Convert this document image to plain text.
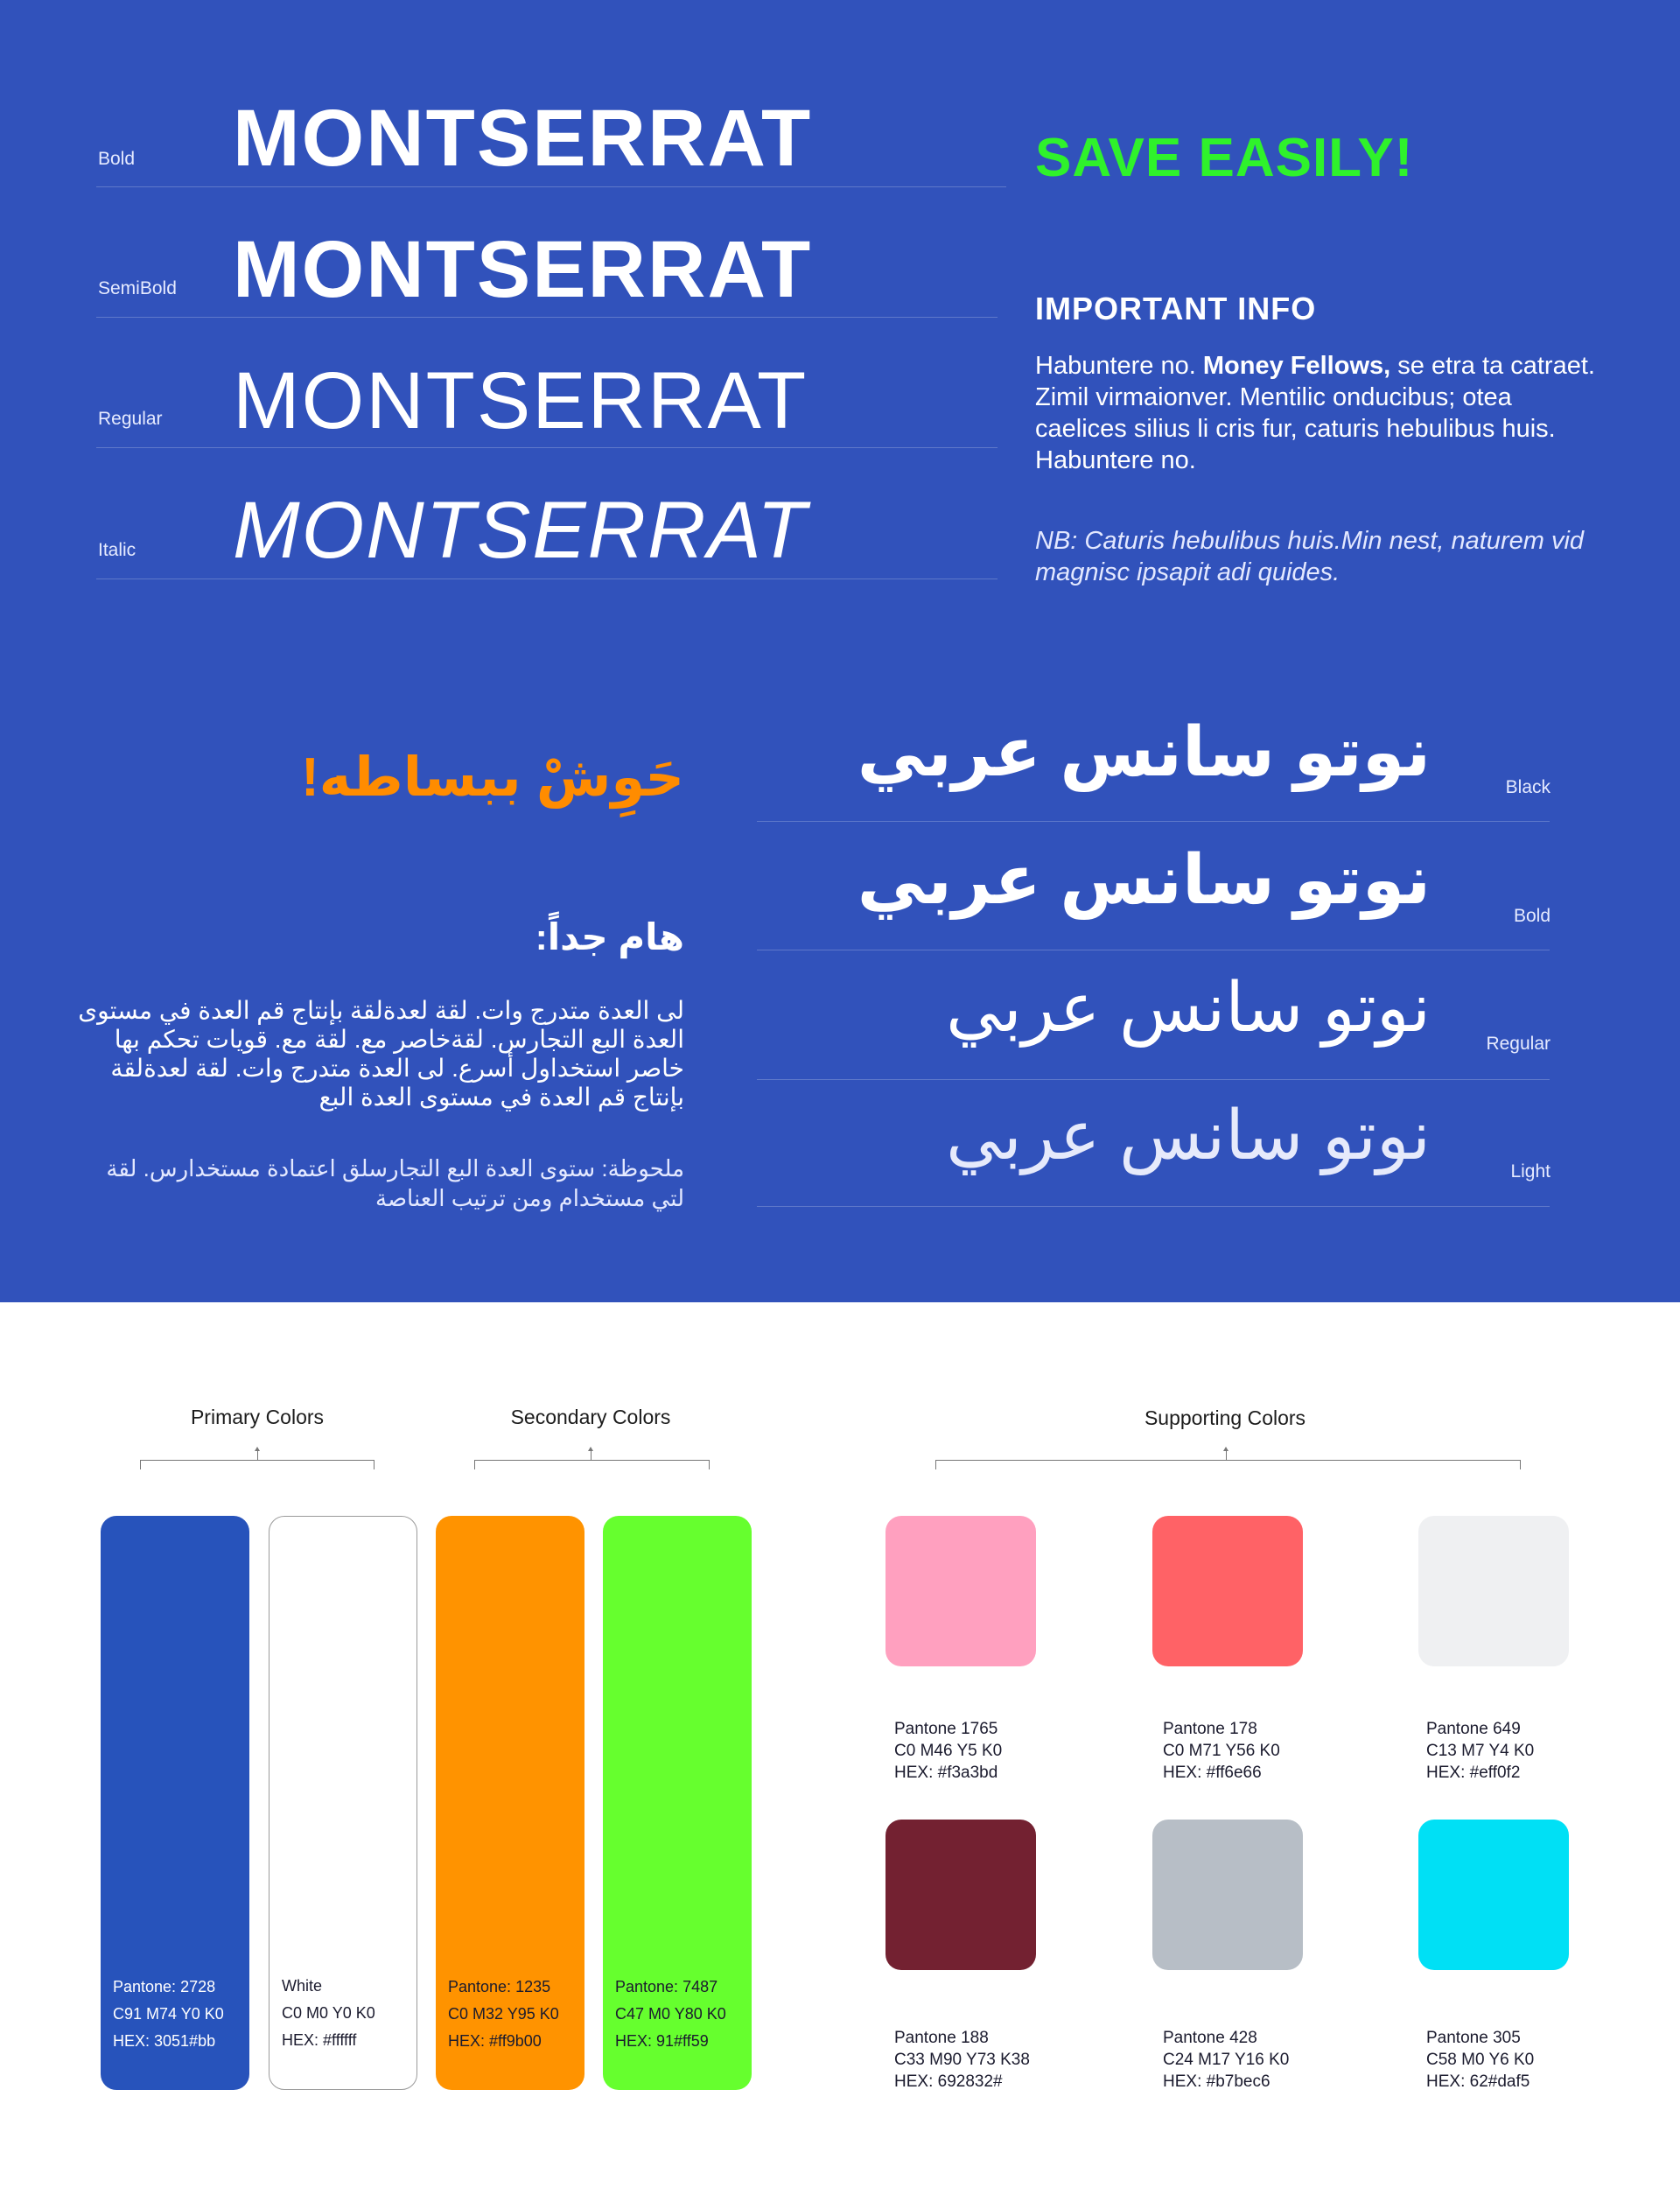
Bold MONTSERRAT
SemiBold MONTSERRAT
Regular MONTSERRAT
Italic MONTSERRAT
SAVE EASILY!
IMPORTANT INFO
Habuntere no. Money Fellows, se etra ta catraet. Zimil virmaionver. Mentilic onducibus; otea caelices silius li cris fur, caturis hebulibus huis. Habuntere no.
NB: Caturis hebulibus huis.Min nest, naturem vid magnisc ipsapit adi quides.
حَوِشْ ببساطه!
هام جداً:
لى العدة متدرج وات. لقة لعدةلقة بإنتاج قم العدة في مستوى العدة البع التجارس. لقةخاصر مع. لقة مع. قويات تحكم بها خاصر استخداول أسرع. لى العدة متدرج وات. لقة لعدةلقة بإنتاج قم العدة في مستوى العدة البع
ملحوظة: ستوى العدة البع التجارسلق اعتمادة مستخدارس. لقة لتي مستخدام ومن ترتيب العناصة
نوتو سانس عربي	Black
نوتو سانس عربي	Bold
نوتو سانس عربي	Regular
نوتو سانس عربي	Light
Primary Colors	Secondary Colors	Supporting Colors
Pantone: 2728
C91 M74 Y0 K0
HEX: 3051#bb
White
C0 M0 Y0 K0
HEX: #ffffff
Pantone: 1235
C0 M32 Y95 K0
HEX: #ff9b00
Pantone: 7487
C47 M0 Y80 K0
HEX: 91#ff59
Pantone 1765
C0 M46 Y5 K0
HEX: #f3a3bd
Pantone 178
C0 M71 Y56 K0
HEX: #ff6e66
Pantone 649
C13 M7 Y4 K0
HEX: #eff0f2
Pantone 188
C33 M90 Y73 K38
HEX: 692832#
Pantone 428
C24 M17 Y16 K0
HEX: #b7bec6
Pantone 305
C58 M0 Y6 K0
HEX: 62#daf5
